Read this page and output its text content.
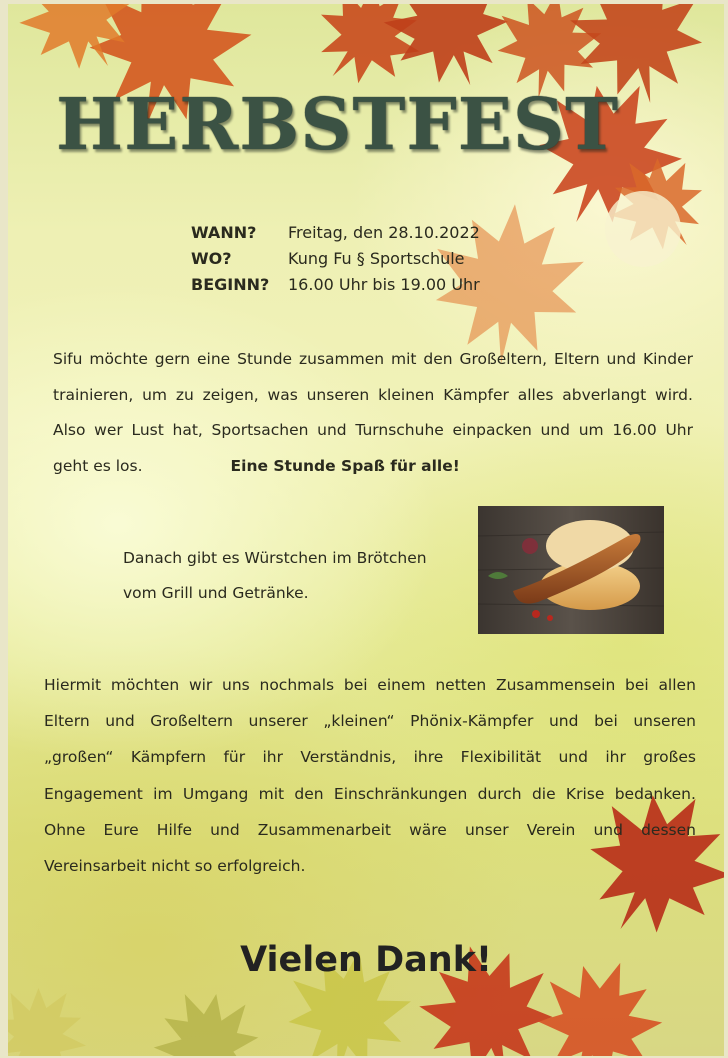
HERBSTFEST
WANN?	Freitag, den 28.10.2022
WO?	Kung Fu § Sportschule
BEGINN?	16.00 Uhr bis 19.00 Uhr
Sifu möchte gern eine Stunde zusammen mit den Großeltern, Eltern und Kinder
trainieren, um zu zeigen, was unseren kleinen Kämpfer alles abverlangt wird.
Also wer Lust hat, Sportsachen und Turnschuhe einpacken und um 16.00 Uhr
geht es los.	Eine Stunde Spaß für alle!
Danach gibt es Würstchen im Brötchen
vom Grill und Getränke.
Hiermit möchten wir uns nochmals bei einem netten Zusammensein bei allen
Eltern und Großeltern unserer „kleinen“ Phönix-Kämpfer und bei unseren
„großen“ Kämpfern für ihr Verständnis, ihre Flexibilität und ihr großes
Engagement im Umgang mit den Einschränkungen durch die Krise bedanken.
Ohne Eure Hilfe und Zusammenarbeit wäre unser Verein und dessen
Vereinsarbeit nicht so erfolgreich.
Vielen Dank!
